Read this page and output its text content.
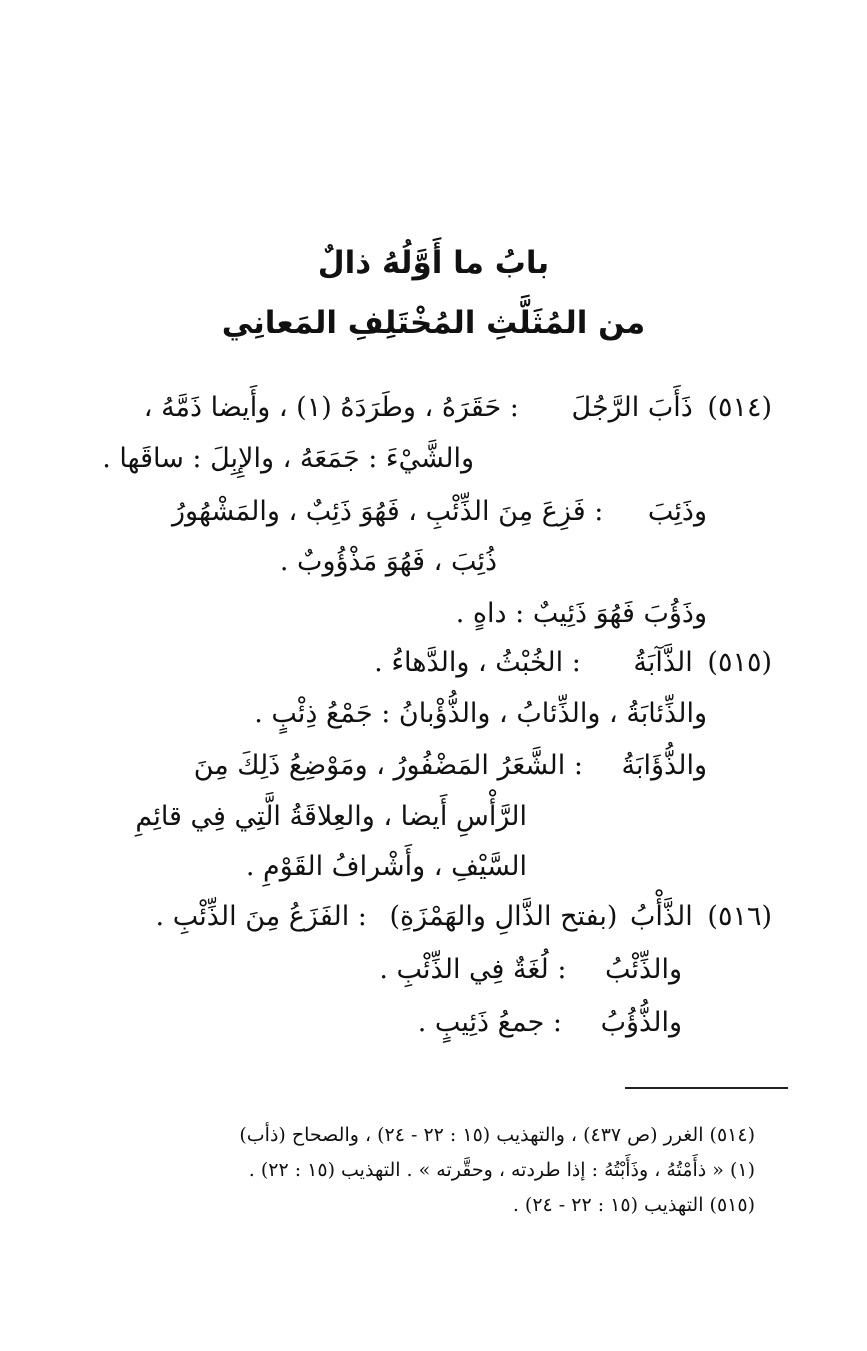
بابُ ما أَوَّلُهُ ذالٌ
من المُثَلَّثِ المُخْتَلِفِ المَعانِي
(٥١٤) ذَأَبَ الرَّجُلَ : حَقَرَهُ ، وطَرَدَهُ (١) ، وأَيضا ذَمَّهُ ،
والشَّيْءَ : جَمَعَهُ ، والإِبِلَ : ساقَها .
وذَئِبَ : فَزِعَ مِنَ الذِّئْبِ ، فَهُوَ ذَئِبٌ ، والمَشْهُورُ
ذُئِبَ ، فَهُوَ مَذْؤُوبٌ .
وذَؤُبَ فَهُوَ ذَئِيبٌ : داهٍ .
(٥١٥) الذَّآبَةُ : الخُبْثُ ، والدَّهاءُ .
والذِّئابَةُ ، والذِّئابُ ، والذُّؤْبانُ : جَمْعُ ذِئْبٍ .
والذُّؤَابَةُ : الشَّعَرُ المَضْفُورُ ، ومَوْضِعُ ذَلِكَ مِنَ
الرَّأْسِ أَيضا ، والعِلاقَةُ الَّتِي فِي قائِمِ
السَّيْفِ ، وأَشْرافُ القَوْمِ .
(٥١٦) الذَّأْبُ (بفتح الذَّالِ والهَمْزَةِ) : الفَزَعُ مِنَ الذِّئْبِ .
والذِّئْبُ : لُغَةٌ فِي الذِّئْبِ .
والذُّؤُبُ : جمعُ ذَئِيبٍ .
(٥١٤) الغرر (ص ٤٣٧) ، والتهذيب (١٥ : ٢٢ - ٢٤) ، والصحاح (ذأب)
(١) « ذأَمْتُهُ ، وذَأَبْتُهُ : إذا طردته ، وحقَّرته » . التهذيب (١٥ : ٢٢) .
(٥١٥) التهذيب (١٥ : ٢٢ - ٢٤) .
